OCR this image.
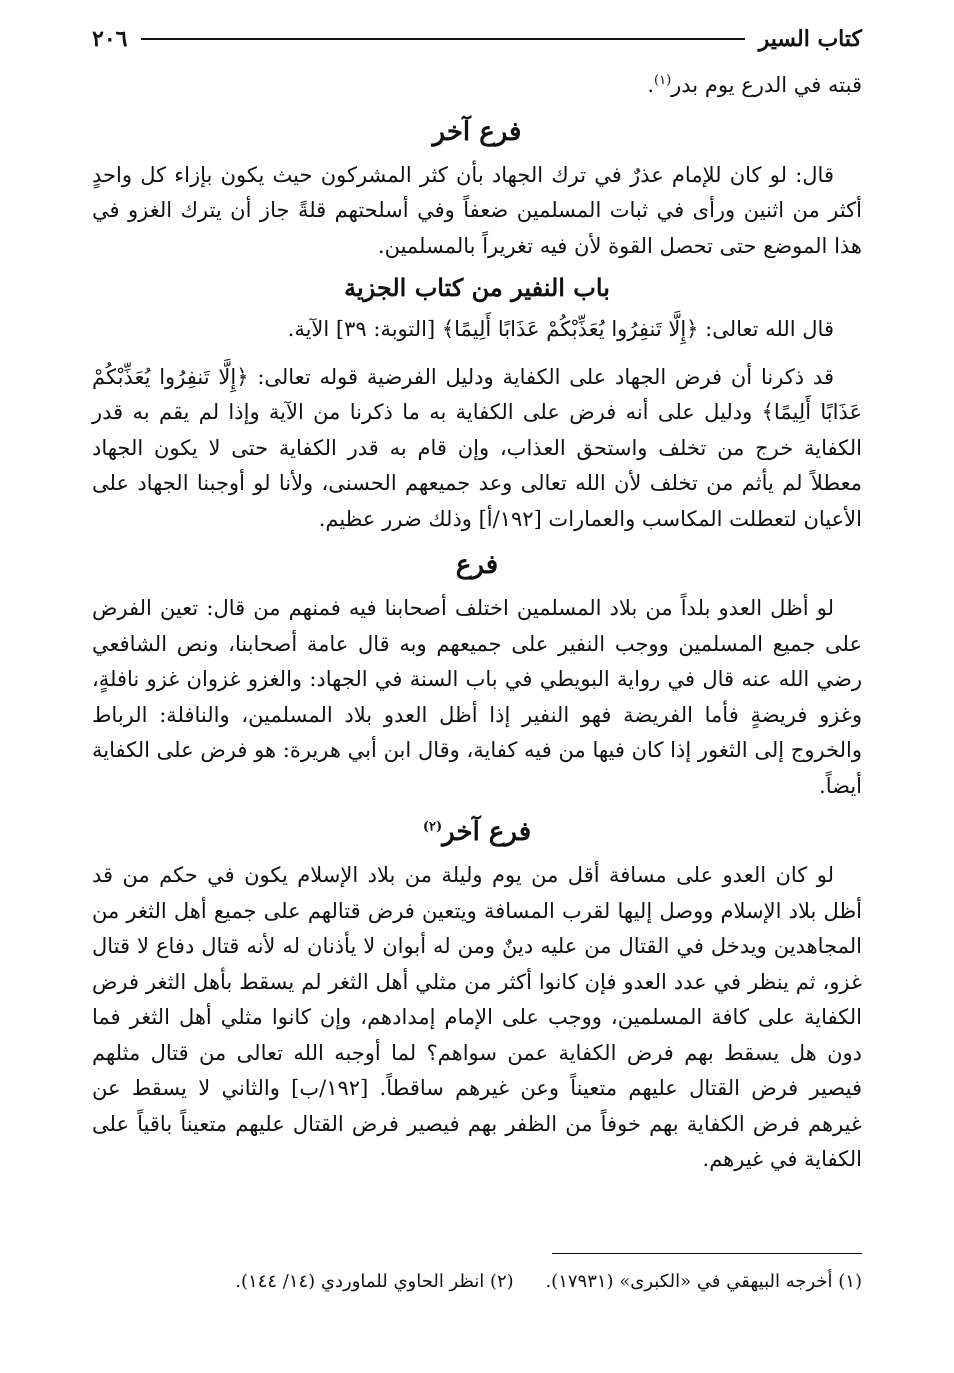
كتاب السير
٢٠٦

قبته في الدرع يوم بدر$^{(١)}$.

فرع آخر

قال: لو كان للإمام عذرٌ في ترك الجهاد بأن كثر المشركون حيث يكون بإزاء كل واحدٍ أكثر من اثنين ورأى في ثبات المسلمين ضعفاً وفي أسلحتهم قلةً جاز أن يترك الغزو في هذا الموضع حتى تحصل القوة لأن فيه تغريراً بالمسلمين.

باب النفير من كتاب الجزية

قال الله تعالى: ﴿إِلَّا تَنفِرُوا يُعَذِّبْكُمْ عَذَابًا أَلِيمًا﴾ [التوبة: ٣٩] الآية.

قد ذكرنا أن فرض الجهاد على الكفاية ودليل الفرضية قوله تعالى: ﴿إِلَّا تَنفِرُوا يُعَذِّبْكُمْ عَذَابًا أَلِيمًا﴾ ودليل على أنه فرض على الكفاية به ما ذكرنا من الآية وإذا لم يقم به قدر الكفاية خرج من تخلف واستحق العذاب، وإن قام به قدر الكفاية حتى لا يكون الجهاد معطلاً لم يأثم من تخلف لأن الله تعالى وعد جميعهم الحسنى، ولأنا لو أوجبنا الجهاد على الأعيان لتعطلت المكاسب والعمارات [١٩٢/أ] وذلك ضرر عظيم.

فرع

لو أظل العدو بلداً من بلاد المسلمين اختلف أصحابنا فيه فمنهم من قال: تعين الفرض على جميع المسلمين ووجب النفير على جميعهم وبه قال عامة أصحابنا، ونص الشافعي رضي الله عنه قال في رواية البويطي في باب السنة في الجهاد: والغزو غزوان غزو نافلةٍ، وغزو فريضةٍ فأما الفريضة فهو النفير إذا أظل العدو بلاد المسلمين، والنافلة: الرباط والخروج إلى الثغور إذا كان فيها من فيه كفاية، وقال ابن أبي هريرة: هو فرض على الكفاية أيضاً.

فرع آخر$^{(٢)}$

لو كان العدو على مسافة أقل من يوم وليلة من بلاد الإسلام يكون في حكم من قد أظل بلاد الإسلام ووصل إليها لقرب المسافة ويتعين فرض قتالهم على جميع أهل الثغر من المجاهدين ويدخل في القتال من عليه دينٌ ومن له أبوان لا يأذنان له لأنه قتال دفاع لا قتال غزو، ثم ينظر في عدد العدو فإن كانوا أكثر من مثلي أهل الثغر لم يسقط بأهل الثغر فرض الكفاية على كافة المسلمين، ووجب على الإمام إمدادهم، وإن كانوا مثلي أهل الثغر فما دون هل يسقط بهم فرض الكفاية عمن سواهم؟ لما أوجبه الله تعالى من قتال مثلهم فيصير فرض القتال عليهم متعيناً وعن غيرهم ساقطاً. [١٩٢/ب] والثاني لا يسقط عن غيرهم فرض الكفاية بهم خوفاً من الظفر بهم فيصير فرض القتال عليهم متعيناً باقياً على الكفاية في غيرهم.

(١) أخرجه البيهقي في «الكبرى» (١٧٩٣١). (٢) انظر الحاوي للماوردي (١٤/ ١٤٤).
